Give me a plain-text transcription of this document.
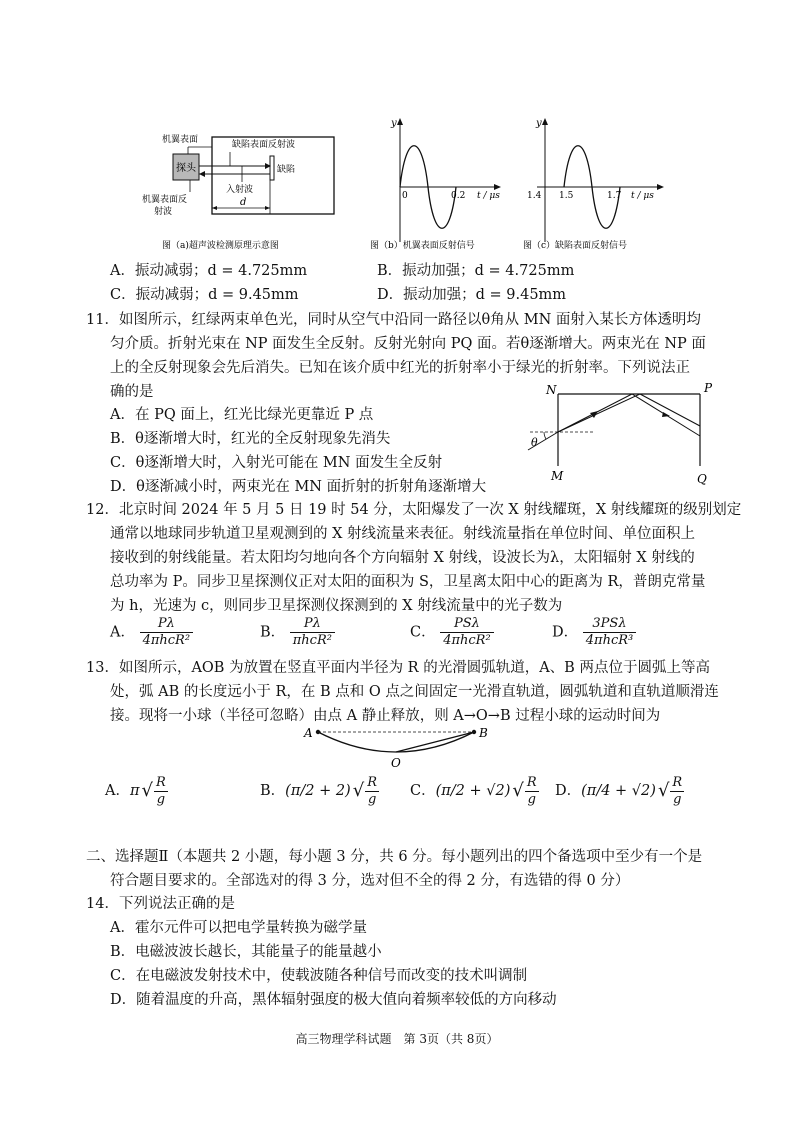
探头
机翼表面	缺陷表面反射波
缺陷
入射波
机翼表面反
射波
d
图（a)超声波检测原理示意图
y
0	0.2 t / μs
图（b）机翼表面反射信号
y
1.4 1.5	1.7 t / μs
图（c）缺陷表面反射信号
A．振动减弱；d = 4.725mm	B．振动加强；d = 4.725mm
C．振动减弱；d = 9.45mm	D．振动加强；d = 9.45mm
11．如图所示，红绿两束单色光，同时从空气中沿同一路径以θ角从 MN 面射入某长方体透明均
匀介质。折射光束在 NP 面发生全反射。反射光射向 PQ 面。若θ逐渐增大。两束光在 NP 面
上的全反射现象会先后消失。已知在该介质中红光的折射率小于绿光的折射率。下列说法正
确的是
A．在 PQ 面上，红光比绿光更靠近 P 点
B．θ逐渐增大时，红光的全反射现象先消失
C．θ逐渐增大时，入射光可能在 MN 面发生全反射
D．θ逐渐减小时，两束光在 MN 面折射的折射角逐渐增大
N	P
M	Q
θ
12．北京时间 2024 年 5 月 5 日 19 时 54 分，太阳爆发了一次 X 射线耀斑，X 射线耀斑的级别划定
通常以地球同步轨道卫星观测到的 X 射线流量来表征。射线流量指在单位时间、单位面积上
接收到的射线能量。若太阳均匀地向各个方向辐射 X 射线，设波长为λ，太阳辐射 X 射线的
总功率为 P。同步卫星探测仪正对太阳的面积为 S，卫星离太阳中心的距离为 R，普朗克常量
为 h，光速为 c，则同步卫星探测仪探测到的 X 射线流量中的光子数为
A． $\frac{P\lambda}{\text{4πhcR²}}$	B． $\frac{P\lambda}{\text{πhcR²}}$	C． $\frac{\text{PSλ}}{\text{4πhcR²}}$	D． $\frac{\text{3PSλ}}{\text{4πhcR³}}$
13．如图所示，AOB 为放置在竖直平面内半径为 R 的光滑圆弧轨道，A、B 两点位于圆弧上等高
处，弧 AB 的长度远小于 R，在 B 点和 O 点之间固定一光滑直轨道，圆弧轨道和直轨道顺滑连
接。现将一小球（半径可忽略）由点 A 静止释放，则 A→O→B 过程小球的运动时间为
A	B
O
A． π √ $\frac{R}{g}$	B． (π/2 + 2) √ $\frac{R}{g}$ C． (π/2 + √2) √ $\frac{R}{g}$ D． (π/4 + √2) √ $\frac{R}{g}$
二、选择题Ⅱ（本题共 2 小题，每小题 3 分，共 6 分。每小题列出的四个备选项中至少有一个是
符合题目要求的。全部选对的得 3 分，选对但不全的得 2 分，有选错的得 0 分）
14．下列说法正确的是
A．霍尔元件可以把电学量转换为磁学量
B．电磁波波长越长，其能量子的能量越小
C．在电磁波发射技术中，使载波随各种信号而改变的技术叫调制
D．随着温度的升高，黑体辐射强度的极大值向着频率较低的方向移动
高三物理学科试题　第 3页（共 8页）
